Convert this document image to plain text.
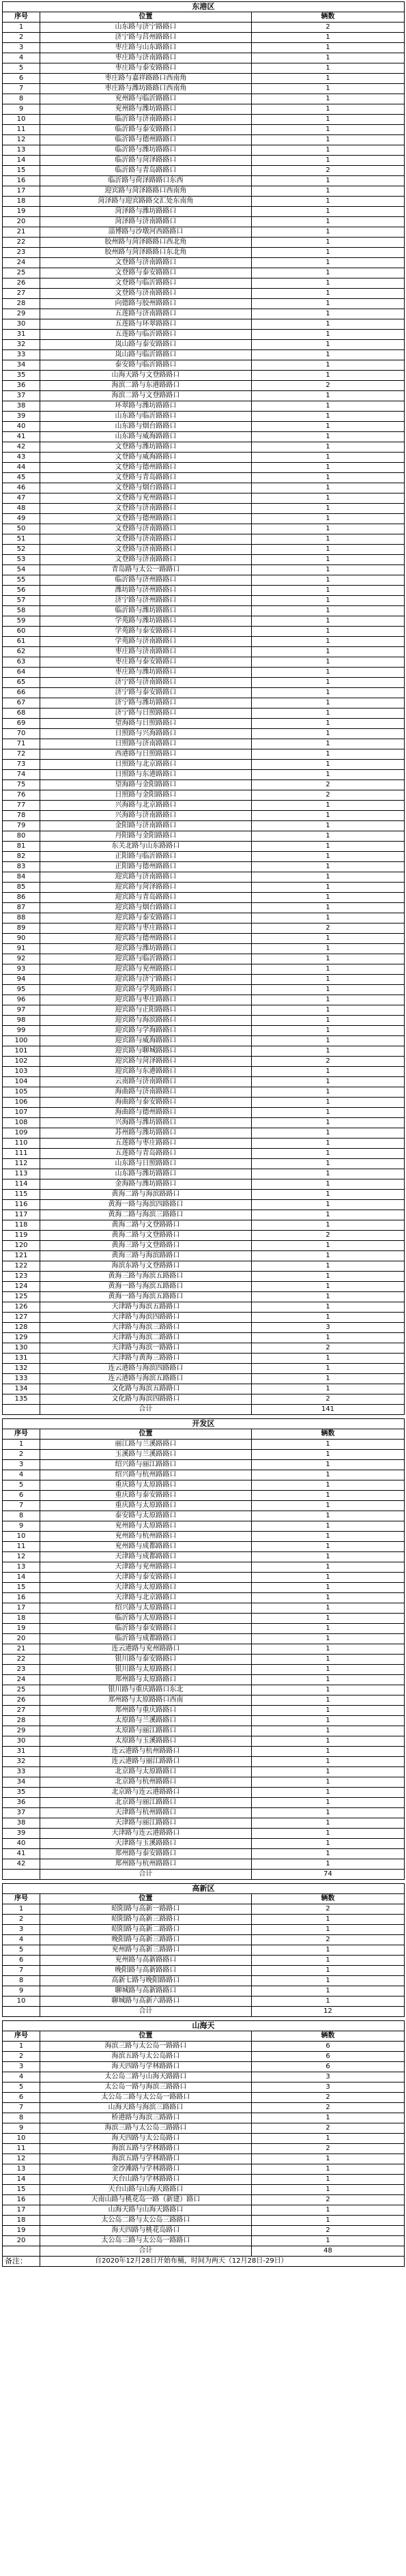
东港区		
序号	位置	辆数
1	山东路与济宁路路口	2
2	济宁路与莒州路路口	1
3	枣庄路与山东路路口	1
4	枣庄路与济南路路口	1
5	枣庄路与泰安路路口	1
6	枣庄路与嘉祥路路口西南角	1
7	枣庄路与潍坊路路口西南角	1
8	兖州路与临沂路路口	1
9	兖州路与潍坊路路口	1
10	临沂路与济南路路口	1
11	临沂路与泰安路路口	1
12	临沂路与德州路路口	1
13	临沂路与潍坊路路口	1
14	临沂路与菏泽路路口	1
15	临沂路与青岛路路口	2
16	临沂路与荷泽路路口东西	1
17	迎宾路与菏泽路路口西南角	1
18	菏泽路与迎宾路路交汇处东南角	1
19	菏泽路与潍坊路路口	1
20	菏泽路与济南路路口	1
21	淄博路与沙墩河西路路口	1
22	胶州路与菏泽路路口西北角	1
23	胶州路与菏泽路路口东北角	1
24	文登路与济南路路口	1
25	文登路与泰安路路口	1
26	文登路与临沂路路口	1
27	文登路与济南路路口	1
28	向德路与胶州路路口	1
29	五莲路与济南路路口	1
30	五莲路与环翠路路口	1
31	五莲路与临沂路路口	1
32	岚山路与泰安路路口	1
33	岚山路与临沂路路口	1
34	泰安路与临沂路路口	1
35	山海天路与文登路路口	1
36	海滨二路与东港路路口	2
37	海滨二路与文登路路口	1
38	环翠路与潍坊路路口	1
39	山东路与临沂路路口	1
40	山东路与烟台路路口	1
41	山东路与威海路路口	1
42	文登路与潍坊路路口	1
43	文登路与威海路路口	1
44	文登路与德州路路口	1
45	文登路与青岛路路口	1
46	文登路与烟台路路口	1
47	文登路与兖州路路口	1
48	文登路与济南路路口	1
49	文登路与德州路路口	1
50	文登路与济南路路口	1
51	文登路与济南路路口	1
52	文登路与济南路路口	1
53	文登路与济南路路口	1
54	青岛路与太公一路路口	1
55	临沂路与济州路路口	1
56	潍坊路与济州路路口	1
57	济宁路与济州路路口	1
58	临沂路与潍坊路路口	1
59	学苑路与潍坊路路口	1
60	学苑路与泰安路路口	1
61	学苑路与济南路路口	1
62	枣庄路与济南路路口	1
63	枣庄路与泰安路路口	1
64	枣庄路与潍坊路路口	1
65	济宁路与济南路路口	1
66	济宁路与泰安路路口	1
67	济宁路与潍坊路路口	1
68	济宁路与日照路路口	1
69	望海路与日照路路口	1
70	日照路与兴海路路口	1
71	日照路与济南路路口	1
72	西港路与日照路路口	1
73	日照路与北京路路口	1
74	日照路与东港路路口	1
75	望海路与金阳路路口	2
76	日照路与金阳路路口	2
77	兴海路与北京路路口	1
78	兴海路与济南路路口	1
79	金阳路与济南路路口	1
80	丹阳路与金阳路路口	1
81	东关北路与山东路路口	1
82	正阳路与临沂路路口	1
83	正阳路与德州路路口	1
84	迎宾路与济南路路口	1
85	迎宾路与菏泽路路口	1
86	迎宾路与青岛路路口	1
87	迎宾路与烟台路路口	1
88	迎宾路与泰安路路口	1
89	迎宾路与枣庄路路口	2
90	迎宾路与德州路路口	1
91	迎宾路与潍坊路路口	1
92	迎宾路与临沂路路口	1
93	迎宾路与兖州路路口	1
94	迎宾路与济宁路路口	1
95	迎宾路与学苑路路口	1
96	迎宾路与枣庄路路口	1
97	迎宾路与正阳路路口	1
98	迎宾路与海滨路路口	1
99	迎宾路与学海路路口	1
100	迎宾路与威海路路口	1
101	迎宾路与聊城路路口	1
102	迎宾路与菏泽路路口	2
103	迎宾路与东港路路口	1
104	云南路与济南路路口	1
105	海曲路与济南路路口	1
106	海曲路与泰安路路口	1
107	海曲路与德州路路口	1
108	兴海路与潍坊路路口	1
109	苏州路与潍坊路路口	1
110	五莲路与枣庄路路口	1
111	五莲路与青岛路路口	1
112	山东路与日照路路口	1
113	山东路与潍坊路路口	1
114	金海路与潍坊路路口	1
115	黄海二路与海滨路路口	1
116	黄海一路与海滨四路路口	1
117	黄海二路与海滨三路路口	1
118	黄海二路与文登路路口	1
119	黄海二路与文登路路口	2
120	黄海三路与文登路路口	1
121	黄海三路与海滨路路口	1
122	海滨东路与文登路路口	1
123	黄海三路与海滨五路路口	1
124	黄海一路与海滨五路路口	1
125	黄海一路与海滨五路路口	1
126	天津路与海滨五路路口	1
127	天津路与海滨四路路口	1
128	天津路与海滨三路路口	3
129	天津路与海滨二路路口	1
130	天津路与海滨一路路口	2
131	天津路与黄海三路路口	1
132	连云港路与海滨四路路口	1
133	连云港路与海滨五路路口	1
134	文化路与海滨五路路口	1
135	文化路与海滨四路路口	2
	合计	141

开发区		
序号	位置	辆数
1	丽江路与兰溪路路口	1
2	玉溪路与兰溪路路口	1
3	绍兴路与丽江路路口	1
4	绍兴路与杭州路路口	1
5	重庆路与太原路路口	1
6	重庆路与泰安路路口	1
7	重庆路与太原路路口	1
8	泰安路与太原路路口	1
9	兖州路与太原路路口	1
10	兖州路与杭州路路口	1
11	兖州路与成都路路口	1
12	天津路与成都路路口	1
13	天津路与兖州路路口	1
14	天津路与泰安路路口	1
15	天津路与太原路路口	1
16	天津路与北京路路口	1
17	绍兴路与太原路路口	1
18	临沂路与太原路路口	1
19	临沂路与泰安路路口	1
20	临沂路与成都路路口	1
21	连云港路与兖州路路口	1
22	银川路与泰安路路口	1
23	银川路与太原路路口	1
24	郑州路与太原路路口	1
25	银川路与重庆路路口东北	1
26	郑州路与太原路路口西南	1
27	郑州路与重庆路路口	1
28	太原路与兰溪路路口	1
29	太原路与丽江路路口	1
30	太原路与玉溪路路口	1
31	连云港路与杭州路路口	1
32	连云港路与丽江路路口	1
33	北京路与太原路路口	1
34	北京路与杭州路路口	1
35	北京路与连云港路路口	1
36	北京路与丽江路路口	1
37	天津路与杭州路路口	1
38	天津路与丽江路路口	1
39	天津路与连云港路路口	1
40	天津路与玉溪路路口	1
41	郑州路与泰安路路口	1
42	郑州路与杭州路路口	1
	合计	74

高新区		
序号	位置	辆数
1	昭阳路与高新一路路口	2
2	昭阳路与高新三路路口	1
3	昭阳路与高新二路路口	1
4	晚阳路与高新三路路口	2
5	兖州路与高新三路路口	1
6	兖州路与高新路路口	1
7	晚阳路与高新路路口	1
8	高新七路与晚阳路路口	1
9	聊城路与高新路路口	1
10	聊城路与高新六路路口	1
	合计	12

山海天		
序号	位置	辆数
1	海滨三路与太公岛一路路口	6
2	海滨五路与太公岛路口	6
3	海天四路与学林路路口	6
4	太公岛二路与山海天路路口	3
5	太公岛一路与海滨三路路口	3
6	太公岛二路与太公岛一路路口	2
7	山海天路与海滨三路路口	2
8	桥港路与海滨三路路口	1
9	海滨三路与太公岛三路路口	2
10	海天四路与太公岛路口	1
11	海滨五路与学林路路口	2
12	海滨五路与学林路路口	1
13	金沙滩路与学林路路口	1
14	天台山路与学林路路口	1
15	天台山路与山海天路路口	1
16	天南山路与桃花岛一路（新建）路口	2
17	山海天路与山海天路路口	1
18	太公岛二路与太公岛三路路口	1
19	海天四路与桃花岛路口	2
20	太公岛三路与太公岛一路路口	1
	合计	48
备注：	自2020年12月28日开始布桶，时间为两天（12月28日-29日）	
